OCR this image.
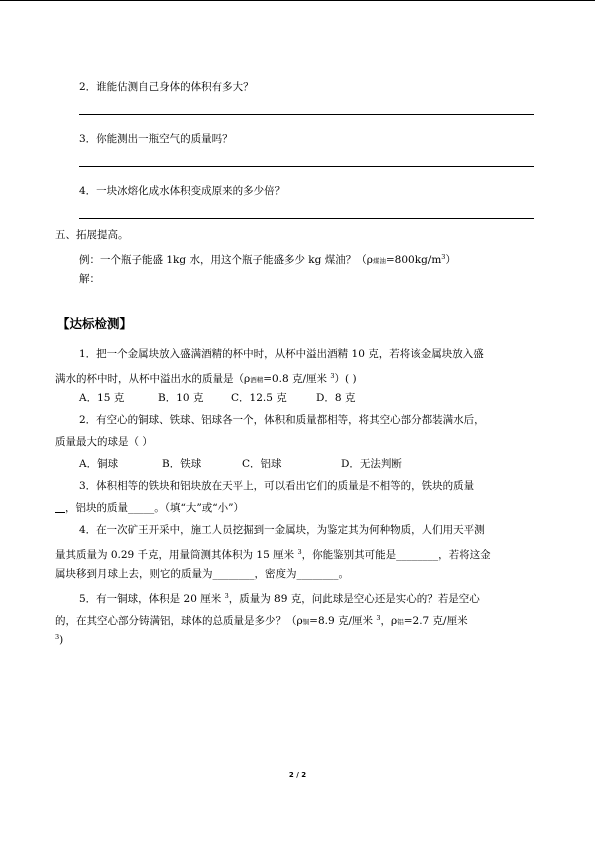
2．谁能估测自己身体的体积有多大？
3．你能测出一瓶空气的质量吗？
4．一块冰熔化成水体积变成原来的多少倍？
五、拓展提高。
例：一个瓶子能盛 1kg 水，用这个瓶子能盛多少 kg 煤油？（ρ煤油$=800kg/m^3$）
解：
【达标检测】
1．把一个金属块放入盛满酒精的杯中时，从杯中溢出酒精 10 克，若将该金属块放入盛
满水的杯中时，从杯中溢出水的质量是（ρ酒精=0.8 克/厘米 $^3$）( )
A．15 克	B．10 克	C．12.5 克	D．8 克
2．有空心的铜球、铁球、铝球各一个，体积和质量都相等，将其空心部分都装满水后，
质量最大的球是（ ）
A．铜球	B．铁球	C．铝球	D．无法判断
3．体积相等的铁块和铝块放在天平上，可以看出它们的质量是不相等的，铁块的质量
，铝块的质量_____。（填“大”或“小”）
4．在一次矿王开采中，施工人员挖掘到一金属块，为鉴定其为何种物质，人们用天平测
量其质量为 0.29 千克，用量筒测其体积为 15 厘米 $^3$，你能鉴别其可能是________，若将这金
属块移到月球上去，则它的质量为________，密度为________。
5．有一铜球，体积是 20 厘米 $^3$，质量为 89 克，问此球是空心还是实心的？若是空心
的，在其空心部分铸满铝，球体的总质量是多少？（ρ铜=8.9 克/厘米 $^3$，ρ铝=2.7 克/厘米
$^3$)
2 / 2
